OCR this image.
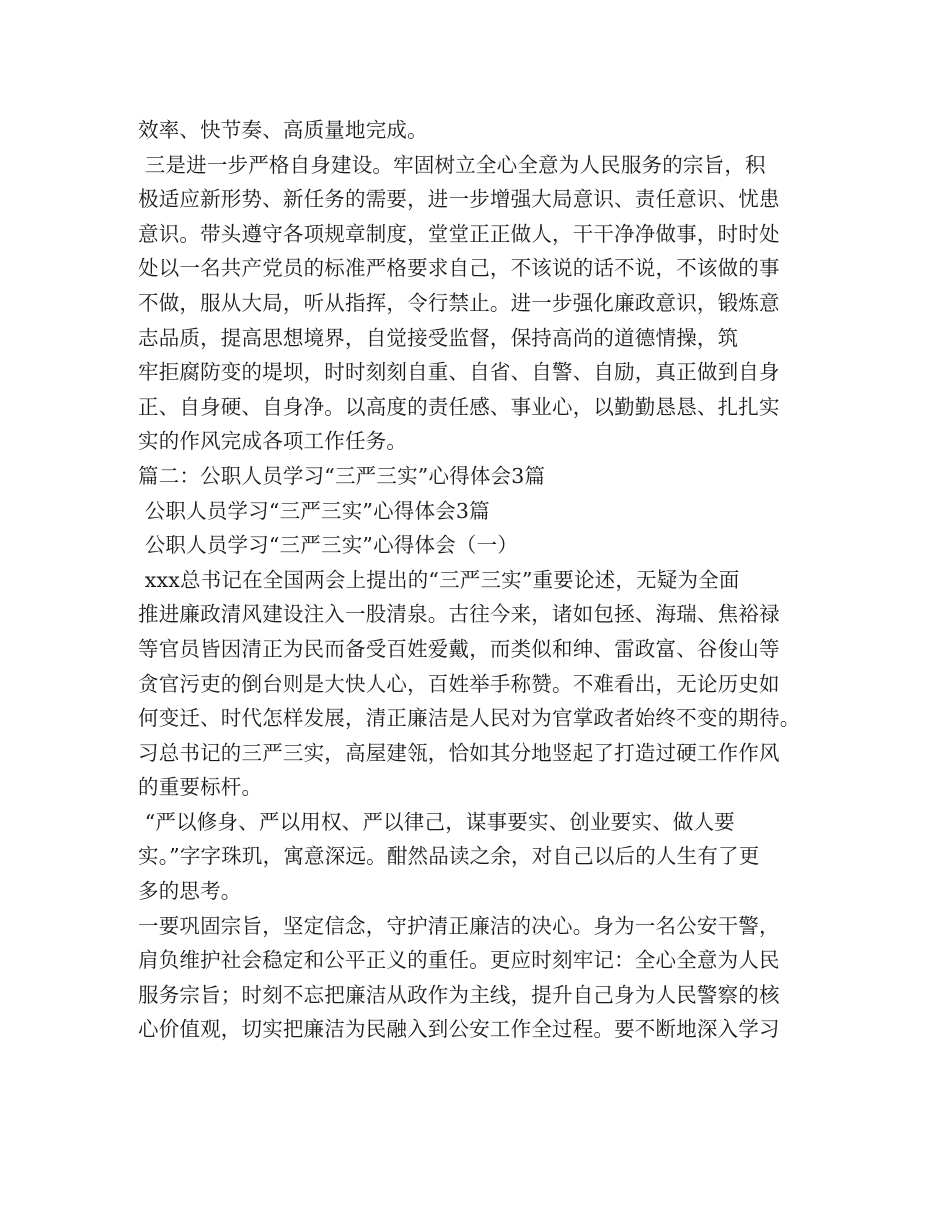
效率、快节奏、高质量地完成。
三是进一步严格自身建设。牢固树立全心全意为人民服务的宗旨，积
极适应新形势、新任务的需要，进一步增强大局意识、责任意识、忧患
意识。带头遵守各项规章制度，堂堂正正做人，干干净净做事，时时处
处以一名共产党员的标准严格要求自己，不该说的话不说，不该做的事
不做，服从大局，听从指挥，令行禁止。进一步强化廉政意识，锻炼意
志品质，提高思想境界，自觉接受监督，保持高尚的道德情操，筑
牢拒腐防变的堤坝，时时刻刻自重、自省、自警、自励，真正做到自身
正、自身硬、自身净。以高度的责任感、事业心，以勤勤恳恳、扎扎实
实的作风完成各项工作任务。
篇二：公职人员学习“三严三实”心得体会3篇
公职人员学习“三严三实”心得体会3篇
公职人员学习“三严三实”心得体会（一）
xxx总书记在全国两会上提出的“三严三实”重要论述，无疑为全面
推进廉政清风建设注入一股清泉。古往今来，诸如包拯、海瑞、焦裕禄
等官员皆因清正为民而备受百姓爱戴，而类似和绅、雷政富、谷俊山等
贪官污吏的倒台则是大快人心，百姓举手称赞。不难看出，无论历史如
何变迁、时代怎样发展，清正廉洁是人民对为官掌政者始终不变的期待。
习总书记的三严三实，高屋建瓴，恰如其分地竖起了打造过硬工作作风
的重要标杆。
“严以修身、严以用权、严以律己，谋事要实、创业要实、做人要
实。”字字珠玑，寓意深远。酣然品读之余，对自己以后的人生有了更
多的思考。
一要巩固宗旨，坚定信念，守护清正廉洁的决心。身为一名公安干警，
肩负维护社会稳定和公平正义的重任。更应时刻牢记：全心全意为人民
服务宗旨；时刻不忘把廉洁从政作为主线，提升自己身为人民警察的核
心价值观，切实把廉洁为民融入到公安工作全过程。要不断地深入学习
